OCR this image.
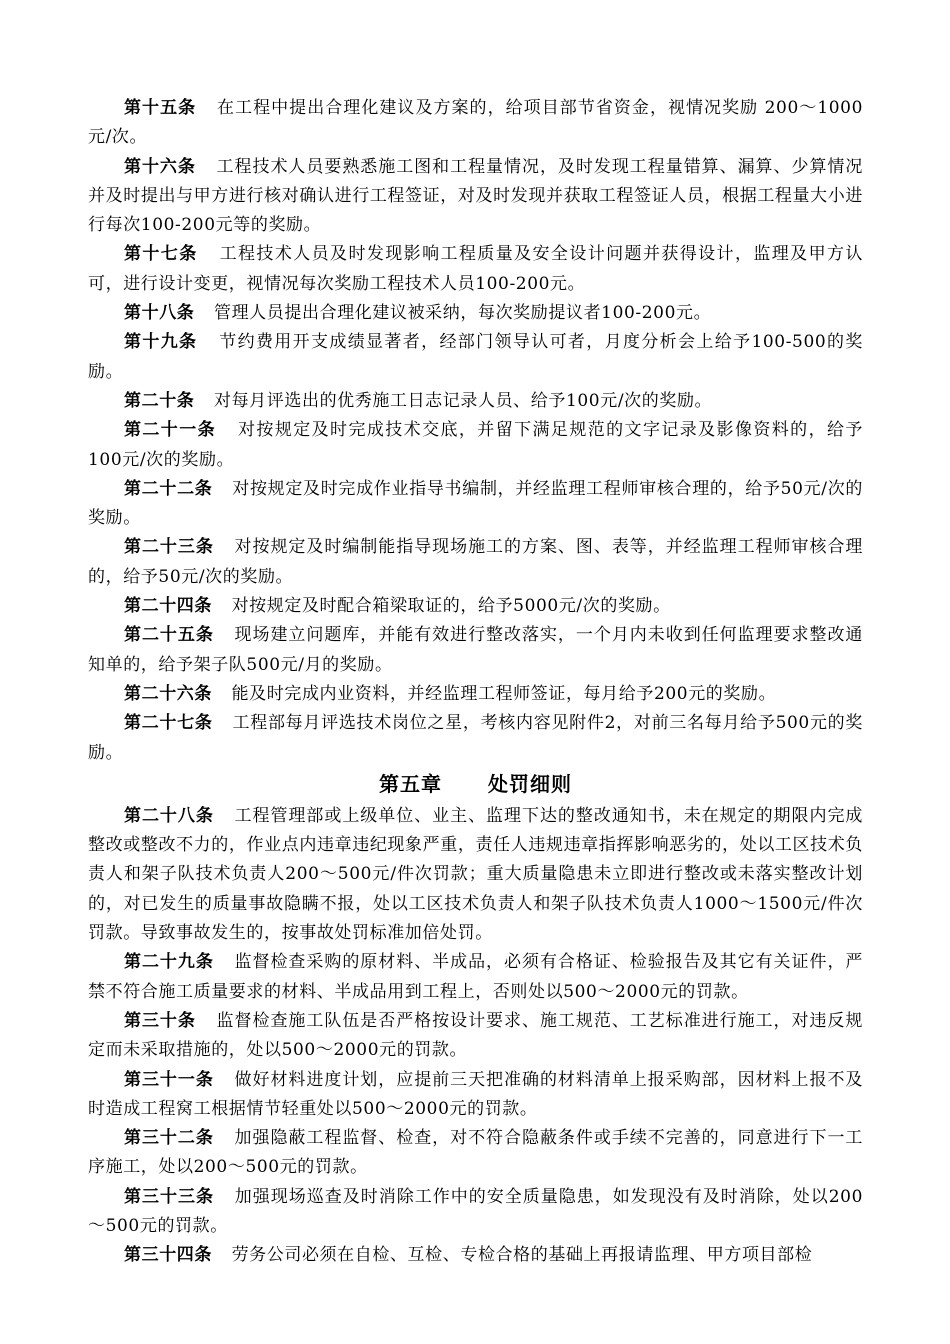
第十五条 在工程中提出合理化建议及方案的，给项目部节省资金，视情况奖励 200～1000元/次。

第十六条 工程技术人员要熟悉施工图和工程量情况，及时发现工程量错算、漏算、少算情况并及时提出与甲方进行核对确认进行工程签证，对及时发现并获取工程签证人员，根据工程量大小进行每次100-200元等的奖励。

第十七条 工程技术人员及时发现影响工程质量及安全设计问题并获得设计，监理及甲方认可，进行设计变更，视情况每次奖励工程技术人员100-200元。

第十八条 管理人员提出合理化建议被采纳，每次奖励提议者100-200元。

第十九条 节约费用开支成绩显著者，经部门领导认可者，月度分析会上给予100-500的奖励。

第二十条 对每月评选出的优秀施工日志记录人员、给予100元/次的奖励。

第二十一条 对按规定及时完成技术交底，并留下满足规范的文字记录及影像资料的，给予100元/次的奖励。

第二十二条 对按规定及时完成作业指导书编制，并经监理工程师审核合理的，给予50元/次的奖励。

第二十三条 对按规定及时编制能指导现场施工的方案、图、表等，并经监理工程师审核合理的，给予50元/次的奖励。

第二十四条 对按规定及时配合箱梁取证的，给予5000元/次的奖励。

第二十五条 现场建立问题库，并能有效进行整改落实，一个月内未收到任何监理要求整改通知单的，给予架子队500元/月的奖励。

第二十六条 能及时完成内业资料，并经监理工程师签证，每月给予200元的奖励。

第二十七条 工程部每月评选技术岗位之星，考核内容见附件2，对前三名每月给予500元的奖励。

第五章 处罚细则

第二十八条 工程管理部或上级单位、业主、监理下达的整改通知书，未在规定的期限内完成整改或整改不力的，作业点内违章违纪现象严重，责任人违规违章指挥影响恶劣的，处以工区技术负责人和架子队技术负责人200～500元/件次罚款；重大质量隐患未立即进行整改或未落实整改计划的，对已发生的质量事故隐瞒不报，处以工区技术负责人和架子队技术负责人1000～1500元/件次罚款。导致事故发生的，按事故处罚标准加倍处罚。

第二十九条 监督检查采购的原材料、半成品，必须有合格证、检验报告及其它有关证件，严禁不符合施工质量要求的材料、半成品用到工程上，否则处以500～2000元的罚款。

第三十条 监督检查施工队伍是否严格按设计要求、施工规范、工艺标准进行施工，对违反规定而未采取措施的，处以500～2000元的罚款。

第三十一条 做好材料进度计划，应提前三天把准确的材料清单上报采购部，因材料上报不及时造成工程窝工根据情节轻重处以500～2000元的罚款。

第三十二条 加强隐蔽工程监督、检查，对不符合隐蔽条件或手续不完善的，同意进行下一工序施工，处以200～500元的罚款。

第三十三条 加强现场巡查及时消除工作中的安全质量隐患，如发现没有及时消除，处以200～500元的罚款。

第三十四条 劳务公司必须在自检、互检、专检合格的基础上再报请监理、甲方项目部检
